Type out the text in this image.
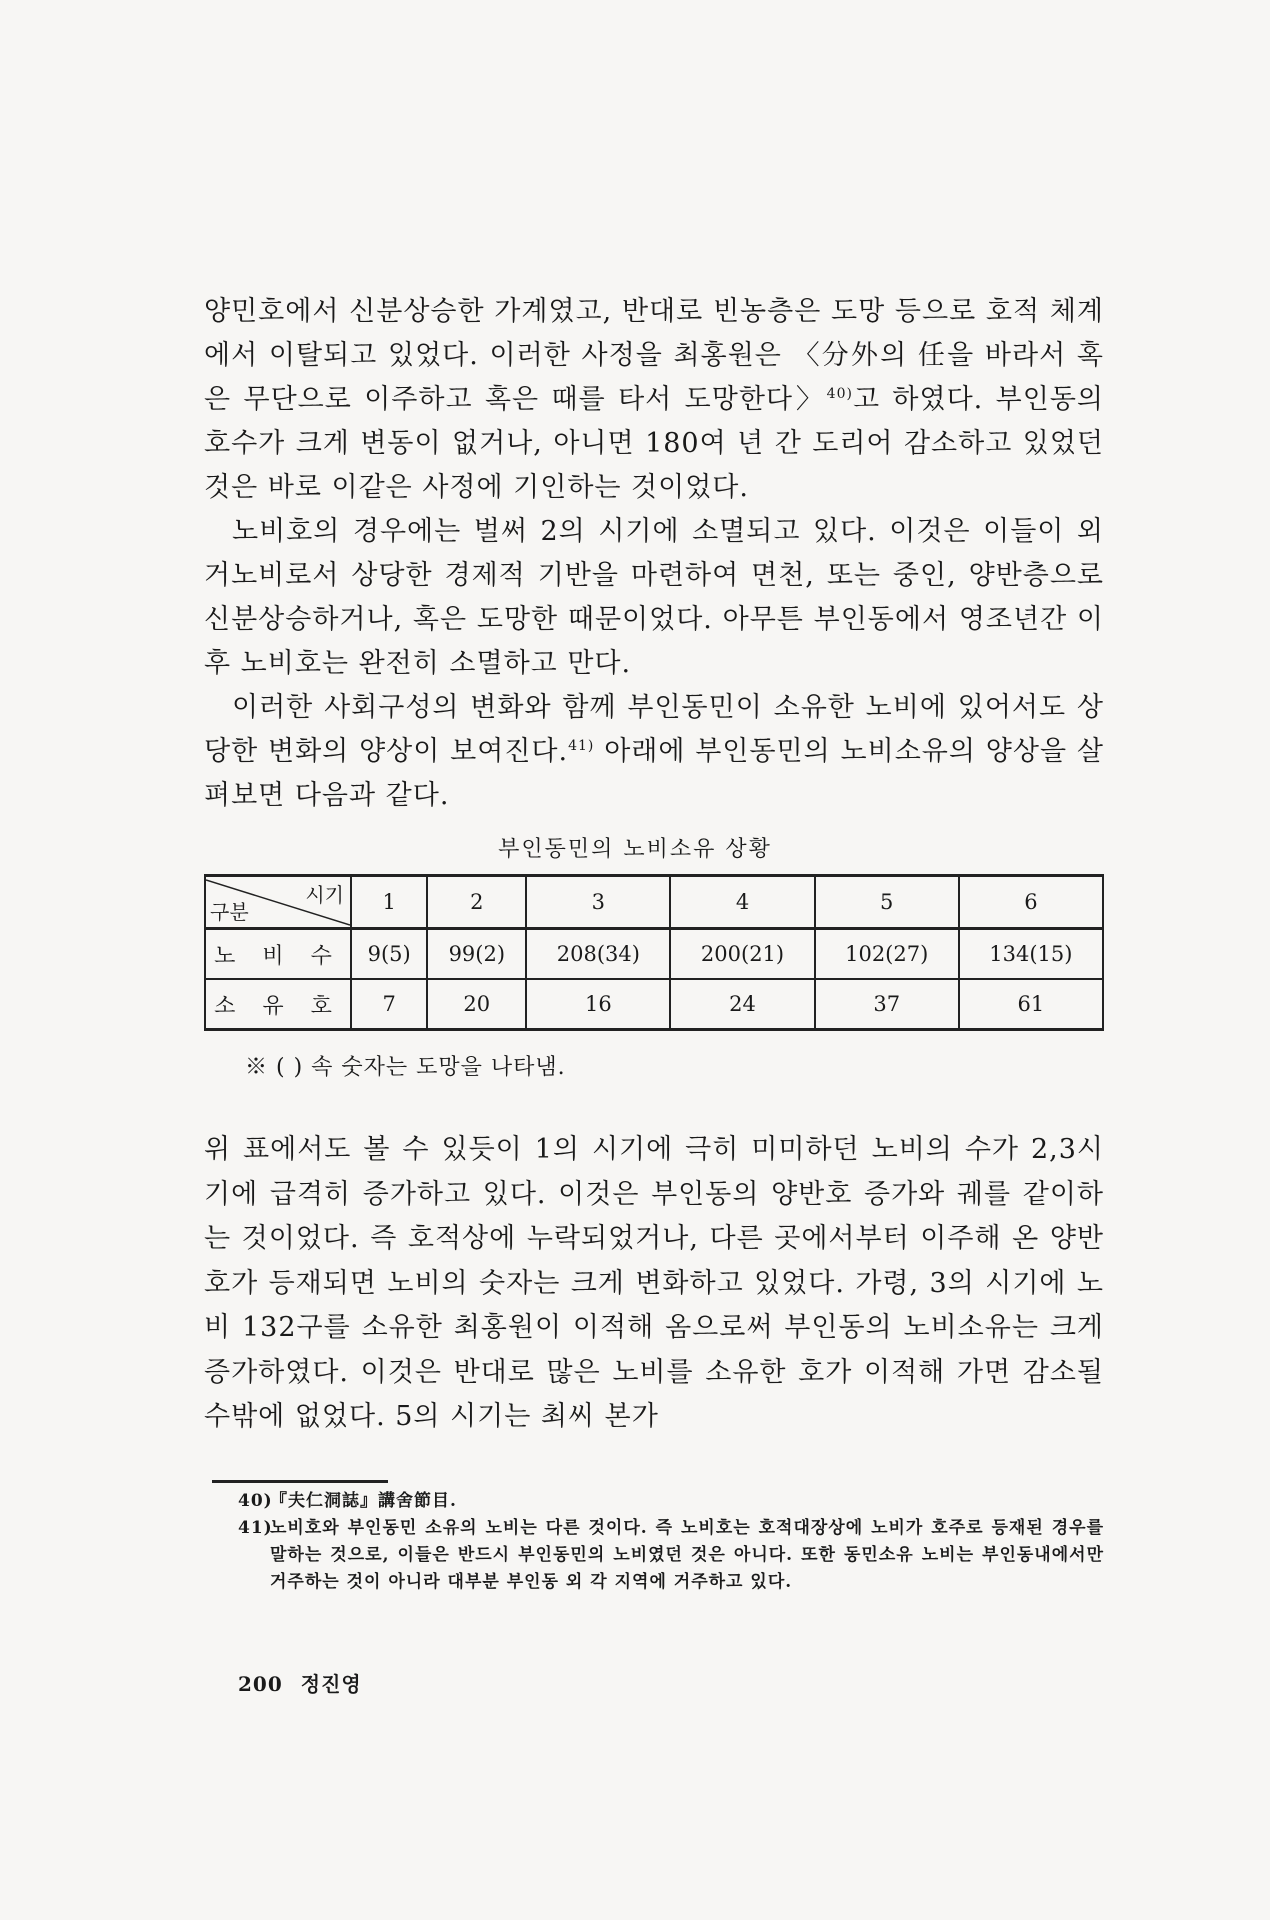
양민호에서 신분상승한 가계였고, 반대로 빈농층은 도망 등으로 호적 체계에서 이탈되고 있었다. 이러한 사정을 최홍원은 〈分外의 任을 바라서 혹은 무단으로 이주하고 혹은 때를 타서 도망한다〉$^{40)}$고 하였다. 부인동의 호수가 크게 변동이 없거나, 아니면 180여 년 간 도리어 감소하고 있었던 것은 바로 이같은 사정에 기인하는 것이었다.

노비호의 경우에는 벌써 2의 시기에 소멸되고 있다. 이것은 이들이 외거노비로서 상당한 경제적 기반을 마련하여 면천, 또는 중인, 양반층으로 신분상승하거나, 혹은 도망한 때문이었다. 아무튼 부인동에서 영조년간 이후 노비호는 완전히 소멸하고 만다.

이러한 사회구성의 변화와 함께 부인동민이 소유한 노비에 있어서도 상당한 변화의 양상이 보여진다.$^{41)}$ 아래에 부인동민의 노비소유의 양상을 살펴보면 다음과 같다.

부인동민의 노비소유 상황
시기
구분	1	2	3	4	5	6
노 비 수	9(5)	99(2)	208(34)	200(21)	102(27)	134(15)
소 유 호	7	20	16	24	37	61
※ ( ) 속 숫자는 도망을 나타냄.

위 표에서도 볼 수 있듯이 1의 시기에 극히 미미하던 노비의 수가 2,3시기에 급격히 증가하고 있다. 이것은 부인동의 양반호 증가와 궤를 같이하는 것이었다. 즉 호적상에 누락되었거나, 다른 곳에서부터 이주해 온 양반호가 등재되면 노비의 숫자는 크게 변화하고 있었다. 가령, 3의 시기에 노비 132구를 소유한 최홍원이 이적해 옴으로써 부인동의 노비소유는 크게 증가하였다. 이것은 반대로 많은 노비를 소유한 호가 이적해 가면 감소될 수밖에 없었다. 5의 시기는 최씨 본가

40)
『夫仁洞誌』講舍節目.
41)
노비호와 부인동민 소유의 노비는 다른 것이다. 즉 노비호는 호적대장상에 노비가 호주로 등재된 경우를 말하는 것으로, 이들은 반드시 부인동민의 노비였던 것은 아니다. 또한 동민소유 노비는 부인동내에서만 거주하는 것이 아니라 대부분 부인동 외 각 지역에 거주하고 있다.
200 정진영
